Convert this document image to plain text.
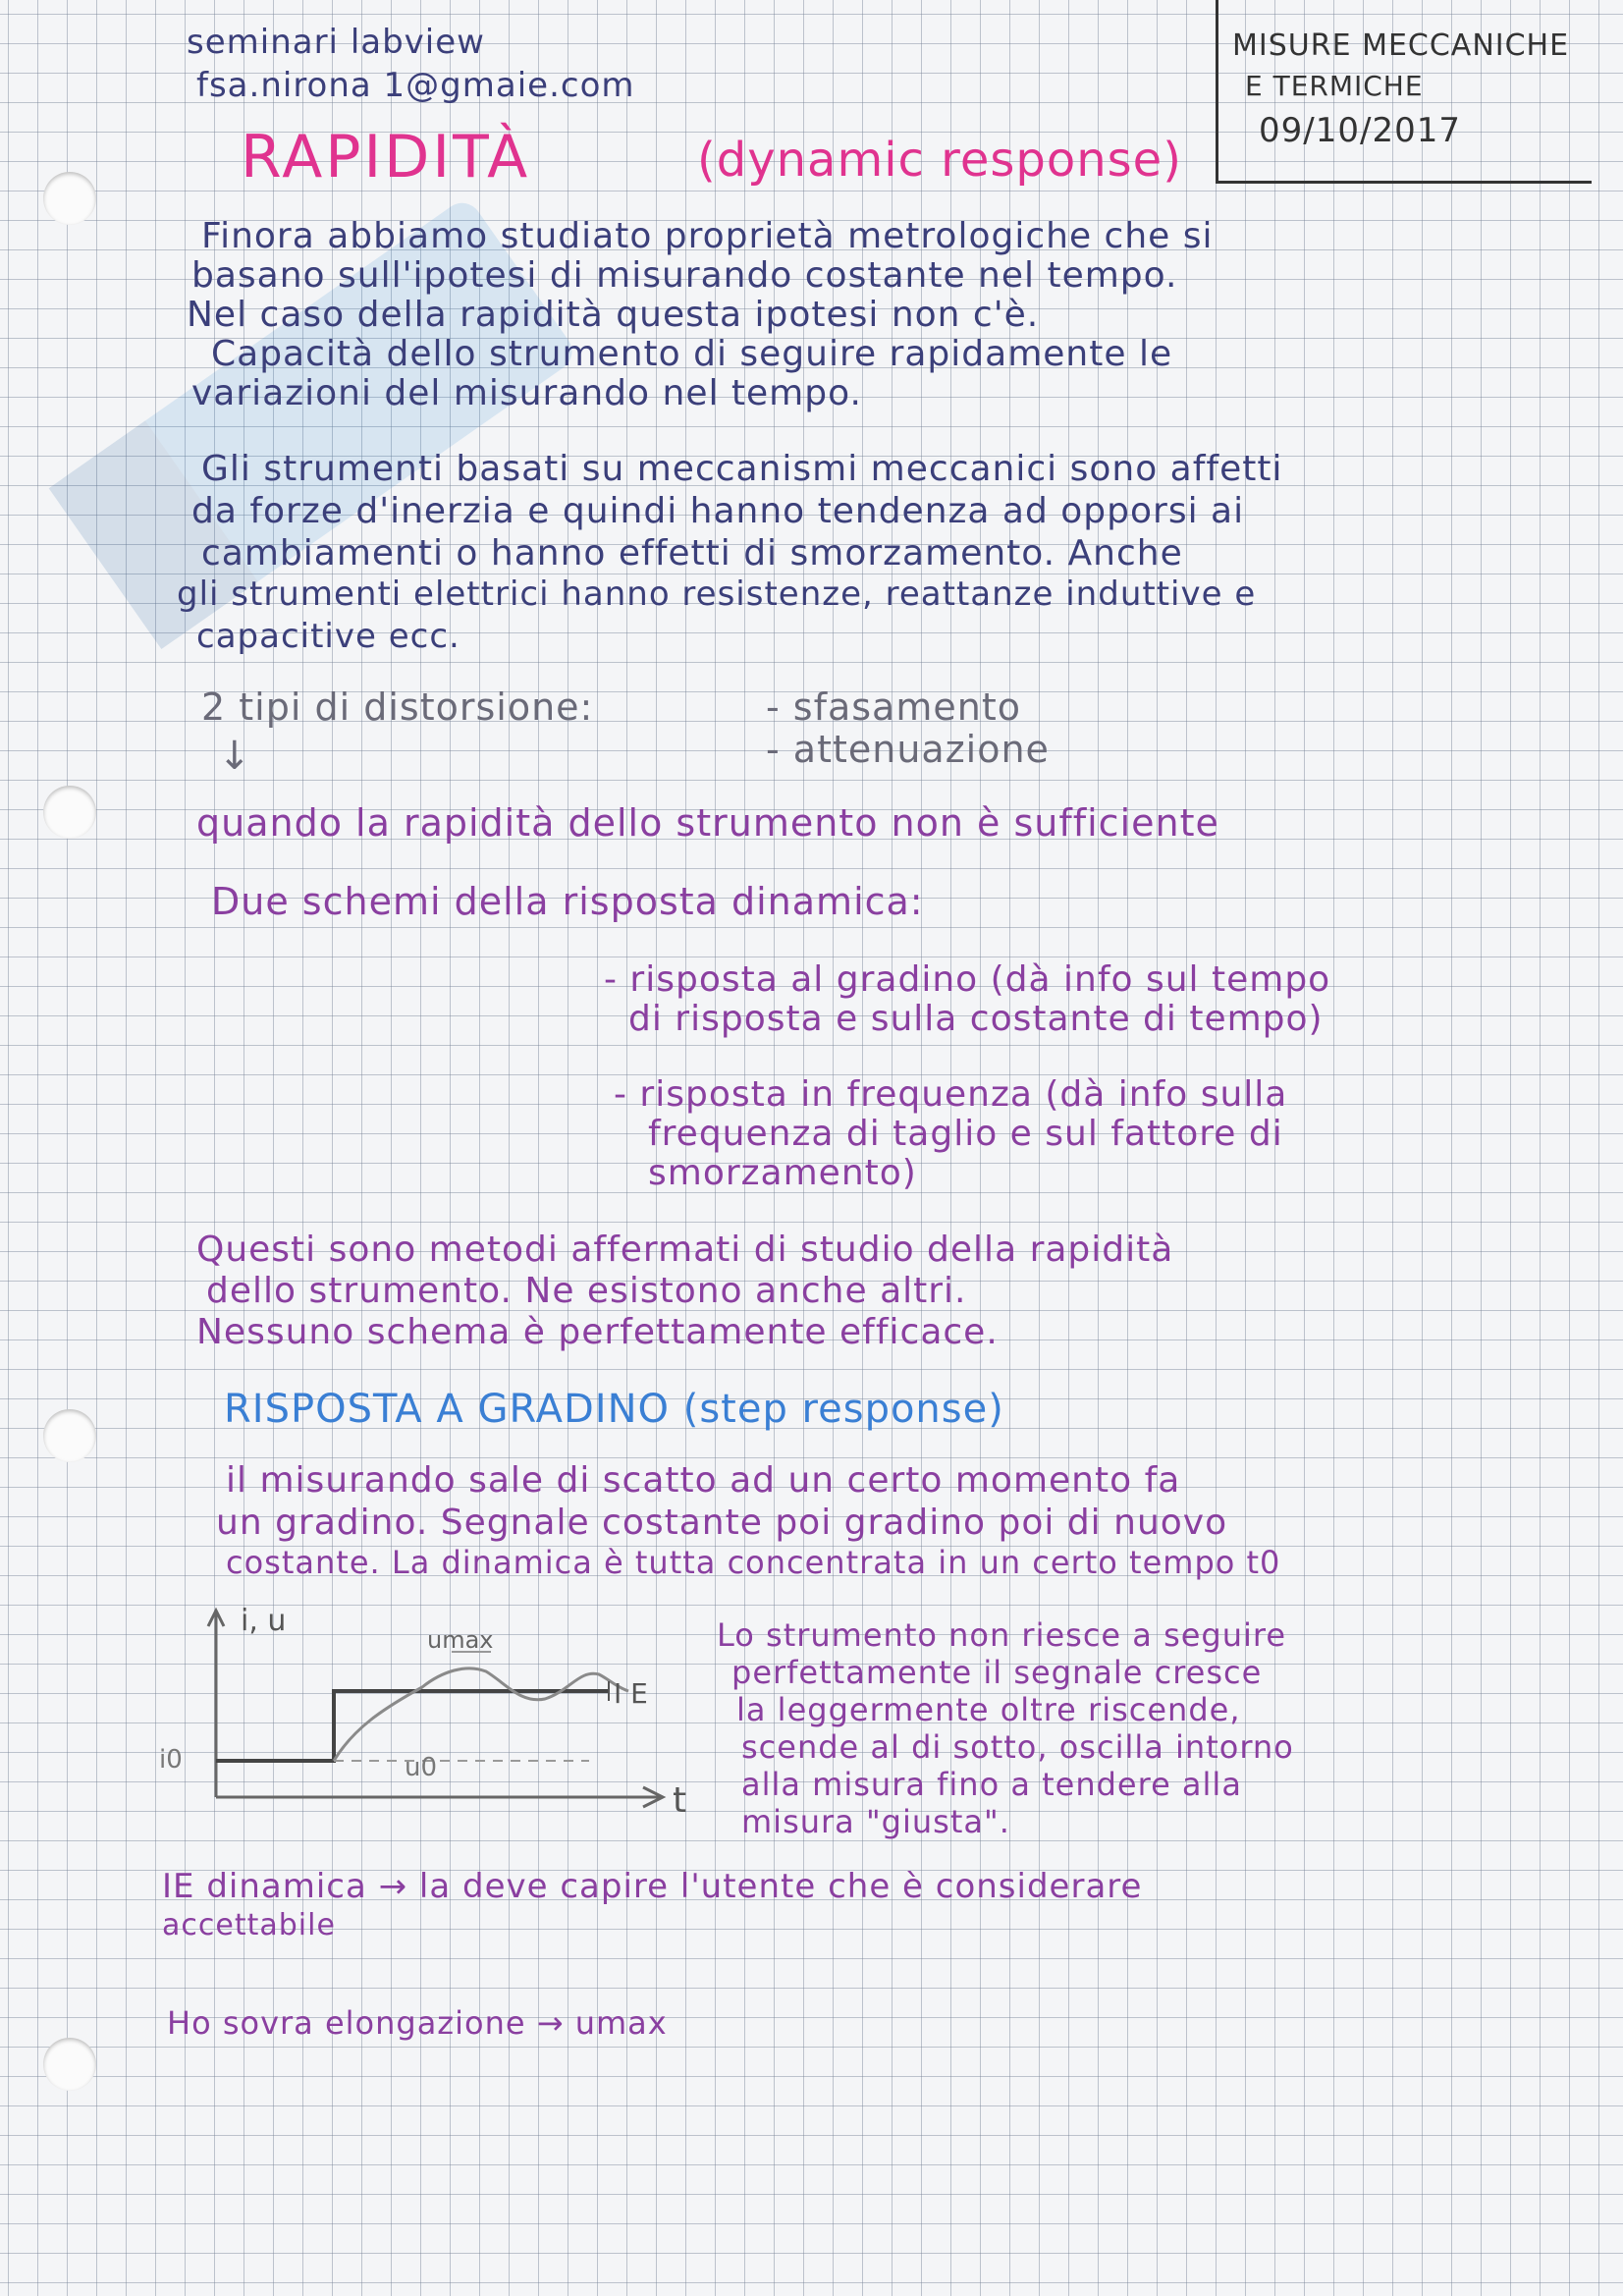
MISURE MECCANICHE
E TERMICHE
09/10/2017
seminari labview
fsa.nirona 1@gmaie.com
RAPIDITÀ	(dynamic response)
Finora abbiamo studiato proprietà metrologiche che si
basano sull'ipotesi di misurando costante nel tempo.
Nel caso della rapidità questa ipotesi non c'è.
Capacità dello strumento di seguire rapidamente le
variazioni del misurando nel tempo.
Gli strumenti basati su meccanismi meccanici sono affetti
da forze d'inerzia e quindi hanno tendenza ad opporsi ai
cambiamenti o hanno effetti di smorzamento. Anche
gli strumenti elettrici hanno resistenze, reattanze induttive e
capacitive ecc.
2 tipi di distorsione:	- sfasamento
- attenuazione
↓
quando la rapidità dello strumento non è sufficiente
Due schemi della risposta dinamica:
- risposta al gradino (dà info sul tempo
di risposta e sulla costante di tempo)
- risposta in frequenza (dà info sulla
frequenza di taglio e sul fattore di
smorzamento)
Questi sono metodi affermati di studio della rapidità
dello strumento. Ne esistono anche altri.
Nessuno schema è perfettamente efficace.
RISPOSTA A GRADINO (step response)
il misurando sale di scatto ad un certo momento fa
un gradino. Segnale costante poi gradino poi di nuovo
costante. La dinamica è tutta concentrata in un certo tempo t0
i, u
t
umax
I E
i0	u0
Lo strumento non riesce a seguire
perfettamente il segnale cresce
la leggermente oltre riscende,
scende al di sotto, oscilla intorno
alla misura fino a tendere alla
misura "giusta".
IE dinamica → la deve capire l'utente che è considerare
accettabile
Ho sovra elongazione → umax
